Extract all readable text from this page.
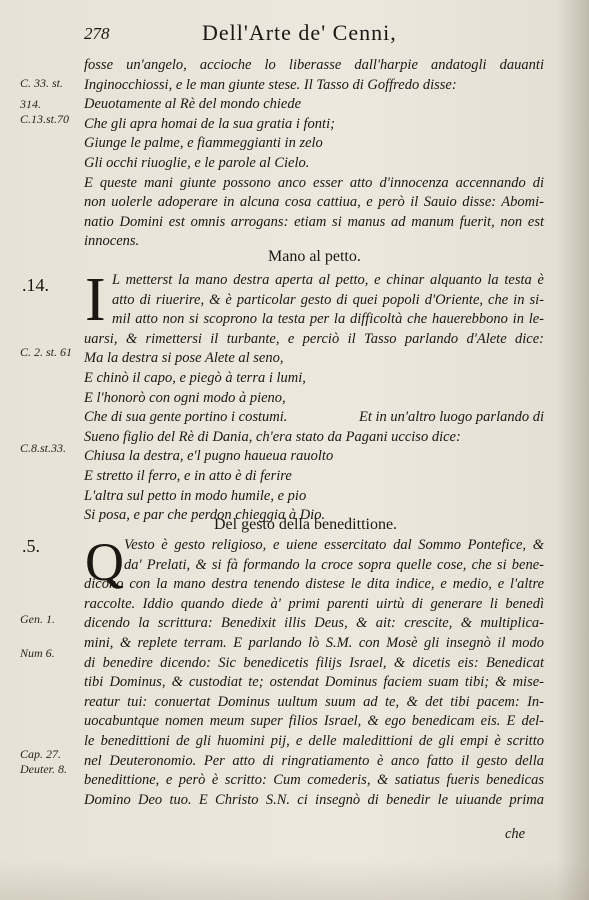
278	Dell'Arte de' Cenni,
C. 33. st.
314.
C.13.st.70
.14.
C. 2. st. 61
C.8.st.33.
.5.
Gen. 1.
Num 6.
Cap. 27.
Deuter. 8.
fosse un'angelo, accioche lo liberasse dall'harpie andatogli dauanti
Inginocchiossi, e le man giunte stese. Il Tasso di Goffredo disse:
Deuotamente al Rè del mondo chiede
Che gli apra homai de la sua gratia i fonti;
Giunge le palme, e fiammeggianti in zelo
Gli occhi riuoglie, e le parole al Cielo.
E queste mani giunte possono anco esser atto d'innocenza accennando di
non uolerle adoperare in alcuna cosa cattiua, e però il Sauio disse: Abomi-
natio Domini est omnis arrogans: etiam si manus ad manum fuerit, non est
innocens.
Mano al petto.
I L metterst la mano destra aperta al petto, e chinar alquanto la testa è
atto di riuerire, & è particolar gesto di quei popoli d'Oriente, che in si-
mil atto non si scoprono la testa per la difficoltà che hauerebbono in le-
uarsi, & rimettersi il turbante, e perciò il Tasso parlando d'Alete dice:
Ma la destra si pose Alete al seno,
E chinò il capo, e piegò à terra i lumi,
E l'honorò con ogni modo à pieno,
Che di sua gente portino i costumi.	Et in un'altro luogo parlando di
Sueno figlio del Rè di Dania, ch'era stato da Pagani ucciso dice:
Chiusa la destra, e'l pugno haueua rauolto
E stretto il ferro, e in atto è di ferire
L'altra sul petto in modo humile, e pio
Si posa, e par che perdon chieggia à Dio.
Del gesto della benedittione.
Q Vesto è gesto religioso, e uiene essercitato dal Sommo Pontefice, &
da' Prelati, & si fà formando la croce sopra quelle cose, che si bene-
dicono con la mano destra tenendo distese le dita indice, e medio, e l'altre
raccolte. Iddio quando diede à' primi parenti uirtù di generare li benedì
dicendo la scrittura: Benedixit illis Deus, & ait: crescite, & multiplica-
mini, & replete terram. E parlando lò S.M. con Mosè gli insegnò il modo
di benedire dicendo: Sic benedicetis filijs Israel, & dicetis eis: Benedicat
tibi Dominus, & custodiat te; ostendat Dominus faciem suam tibi; & mise-
reatur tui: conuertat Dominus uultum suum ad te, & det tibi pacem: In-
uocabuntque nomen meum super filios Israel, & ego benedicam eis. E del-
le benedittioni de gli huomini pij, e delle maledittioni de gli empi è scritto
nel Deuteronomio. Per atto di ringratiamento è anco fatto il gesto della
benedittione, e però è scritto: Cum comederis, & satiatus fueris benedicas
Domino Deo tuo. E Christo S.N. ci insegnò di benedir le uiuande prima
che
